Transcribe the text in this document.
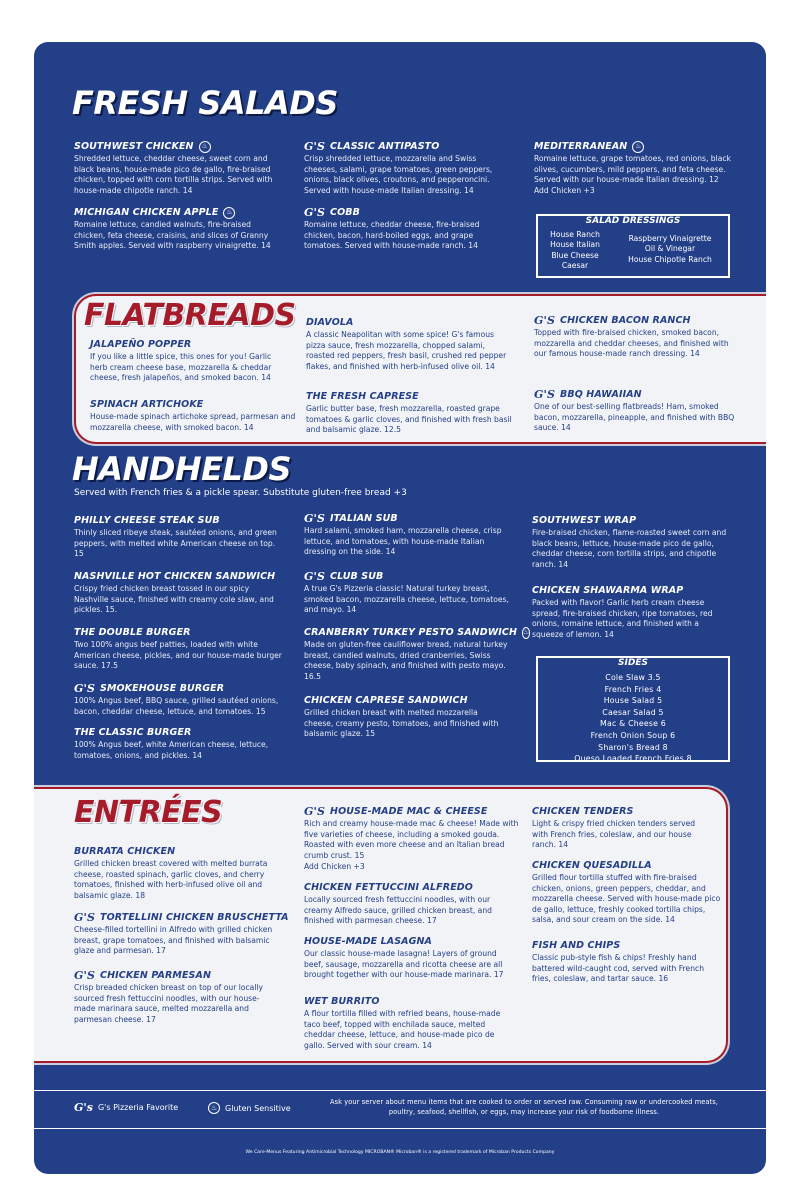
FRESH SALADS
SOUTHWEST CHICKEN	♨
Shredded lettuce, cheddar cheese, sweet corn and black beans, house-made pico de gallo, fire-braised chicken, topped with corn tortilla strips. Served with house-made chipotle ranch. 14
MICHIGAN CHICKEN APPLE	♨
Romaine lettuce, candied walnuts, fire-braised chicken, feta cheese, craisins, and slices of Granny Smith apples. Served with raspberry vinaigrette. 14
G'S CLASSIC ANTIPASTO
Crisp shredded lettuce, mozzarella and Swiss cheeses, salami, grape tomatoes, green peppers, onions, black olives, croutons, and pepperoncini. Served with house-made Italian dressing. 14
G'S COBB
Romaine lettuce, cheddar cheese, fire-braised chicken, bacon, hard-boiled eggs, and grape tomatoes. Served with house-made ranch. 14
MEDITERRANEAN	♨
Romaine lettuce, grape tomatoes, red onions, black olives, cucumbers, mild peppers, and feta cheese. Served with our house-made Italian dressing. 12 Add Chicken +3
SALAD DRESSINGS
House Ranch
House Italian
Blue Cheese
Caesar
Raspberry Vinaigrette
Oil & Vinegar
House Chipotle Ranch
FLATBREADS
JALAPEÑO POPPER
If you like a little spice, this ones for you! Garlic herb cream cheese base, mozzarella & cheddar cheese, fresh jalapeños, and smoked bacon. 14
SPINACH ARTICHOKE
House-made spinach artichoke spread, parmesan and mozzarella cheese, with smoked bacon. 14
DIAVOLA
A classic Neapolitan with some spice! G's famous pizza sauce, fresh mozzarella, chopped salami, roasted red peppers, fresh basil, crushed red pepper flakes, and finished with herb-infused olive oil. 14
THE FRESH CAPRESE
Garlic butter base, fresh mozzarella, roasted grape tomatoes & garlic cloves, and finished with fresh basil and balsamic glaze. 12.5
G'S CHICKEN BACON RANCH
Topped with fire-braised chicken, smoked bacon, mozzarella and cheddar cheeses, and finished with our famous house-made ranch dressing. 14
G'S BBQ HAWAIIAN
One of our best-selling flatbreads! Ham, smoked bacon, mozzarella, pineapple, and finished with BBQ sauce. 14
HANDHELDS
Served with French fries & a pickle spear. Substitute gluten-free bread +3
PHILLY CHEESE STEAK SUB
Thinly sliced ribeye steak, sautéed onions, and green peppers, with melted white American cheese on top. 15
NASHVILLE HOT CHICKEN SANDWICH
Crispy fried chicken breast tossed in our spicy Nashville sauce, finished with creamy cole slaw, and pickles. 15.
THE DOUBLE BURGER
Two 100% angus beef patties, loaded with white American cheese, pickles, and our house-made burger sauce. 17.5
G'S SMOKEHOUSE BURGER
100% Angus beef, BBQ sauce, grilled sautéed onions, bacon, cheddar cheese, lettuce, and tomatoes. 15
THE CLASSIC BURGER
100% Angus beef, white American cheese, lettuce, tomatoes, onions, and pickles. 14
G'S ITALIAN SUB
Hard salami, smoked ham, mozzarella cheese, crisp lettuce, and tomatoes, with house-made Italian dressing on the side. 14
G'S CLUB SUB
A true G's Pizzeria classic! Natural turkey breast, smoked bacon, mozzarella cheese, lettuce, tomatoes, and mayo. 14
CRANBERRY TURKEY PESTO SANDWICH ♨
Made on gluten-free cauliflower bread, natural turkey breast, candied walnuts, dried cranberries, Swiss cheese, baby spinach, and finished with pesto mayo. 16.5
CHICKEN CAPRESE SANDWICH
Grilled chicken breast with melted mozzarella cheese, creamy pesto, tomatoes, and finished with balsamic glaze. 15
SOUTHWEST WRAP
Fire-braised chicken, flame-roasted sweet corn and black beans, lettuce, house-made pico de gallo, cheddar cheese, corn tortilla strips, and chipotle ranch. 14
CHICKEN SHAWARMA WRAP
Packed with flavor! Garlic herb cream cheese spread, fire-braised chicken, ripe tomatoes, red onions, romaine lettuce, and finished with a squeeze of lemon. 14
SIDES
Cole Slaw 3.5
French Fries 4
House Salad 5
Caesar Salad 5
Mac & Cheese 6
French Onion Soup 6
Sharon's Bread 8
Queso Loaded French Fries 8
ENTRÉES
BURRATA CHICKEN
Grilled chicken breast covered with melted burrata cheese, roasted spinach, garlic cloves, and cherry tomatoes, finished with herb-infused olive oil and balsamic glaze. 18
G'S TORTELLINI CHICKEN BRUSCHETTA
Cheese-filled tortellini in Alfredo with grilled chicken breast, grape tomatoes, and finished with balsamic glaze and parmesan. 17
G'S CHICKEN PARMESAN
Crisp breaded chicken breast on top of our locally sourced fresh fettuccini noodles, with our house-made marinara sauce, melted mozzarella and parmesan cheese. 17
G'S HOUSE-MADE MAC & CHEESE
Rich and creamy house-made mac & cheese! Made with five varieties of cheese, including a smoked gouda. Roasted with even more cheese and an Italian bread crumb crust. 15
Add Chicken +3
CHICKEN FETTUCCINI ALFREDO
Locally sourced fresh fettuccini noodles, with our creamy Alfredo sauce, grilled chicken breast, and finished with parmesan cheese. 17
HOUSE-MADE LASAGNA
Our classic house-made lasagna! Layers of ground beef, sausage, mozzarella and ricotta cheese are all brought together with our house-made marinara. 17
WET BURRITO
A flour tortilla filled with refried beans, house-made taco beef, topped with enchilada sauce, melted cheddar cheese, lettuce, and house-made pico de gallo. Served with sour cream. 14
CHICKEN TENDERS
Light & crispy fried chicken tenders served with French fries, coleslaw, and our house ranch. 14
CHICKEN QUESADILLA
Grilled flour tortilla stuffed with fire-braised chicken, onions, green peppers, cheddar, and mozzarella cheese. Served with house-made pico de gallo, lettuce, freshly cooked tortilla chips, salsa, and sour cream on the side. 14
FISH AND CHIPS
Classic pub-style fish & chips! Freshly hand battered wild-caught cod, served with French fries, coleslaw, and tartar sauce. 16
G's G's Pizzeria Favorite	♨ Gluten Sensitive
Ask your server about menu items that are cooked to order or served raw. Consuming raw or undercooked meats, poultry, seafood, shellfish, or eggs, may increase your risk of foodborne illness.
We Care-Menus Featuring Antimicrobial Technology MICROBAN® Microban® is a registered trademark of Microban Products Company
